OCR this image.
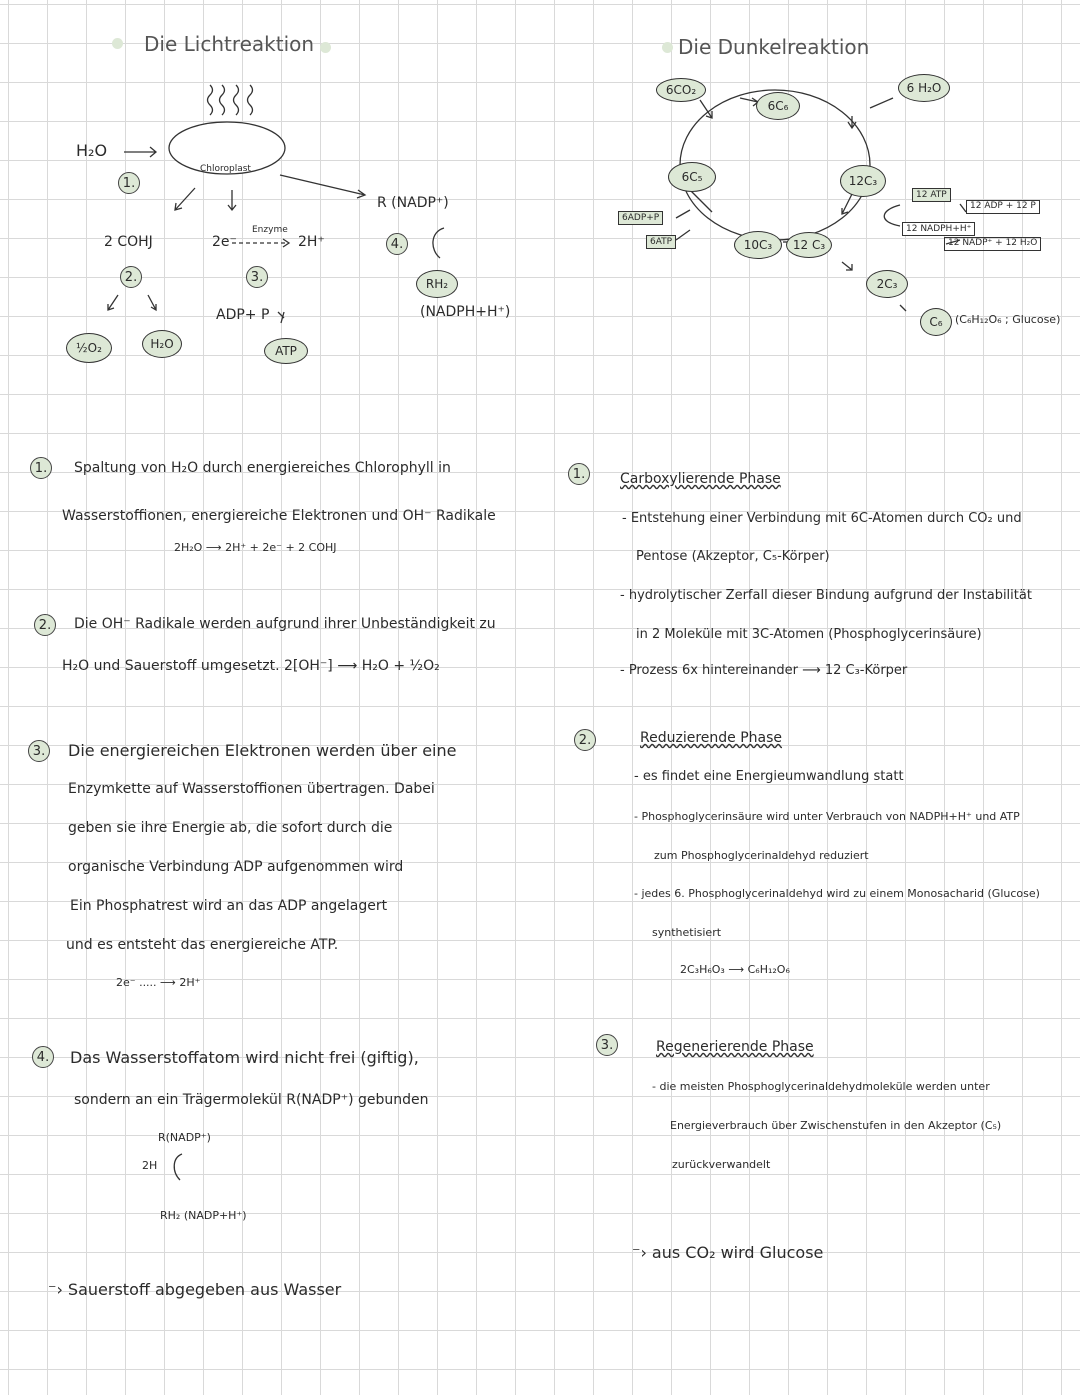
Die Lichtreaktion
H₂O
Chloroplast
1.
2 COHJ	2e⁻
Enzyme
2H⁺
R (NADP⁺)
4.
2.	3.	RH₂
(NADPH+H⁺)
ADP+ P
½O₂	H₂O	ATP
Die Dunkelreaktion
6CO₂
6C₆
6 H₂O
6C₅	12C₃
12 ATP
12 ADP + 12 P
12 NADPH+H⁺
12 NADP⁺ + 12 H₂O
6ADP+P
6ATP	10C₃	12 C₃
2C₃
C₆	(C₆H₁₂O₆ ; Glucose)
1. Spaltung von H₂O durch energiereiches Chlorophyll in
Wasserstoffionen, energiereiche Elektronen und OH⁻ Radikale
2H₂O ⟶ 2H⁺ + 2e⁻ + 2 COHJ
2. Die OH⁻ Radikale werden aufgrund ihrer Unbeständigkeit zu
H₂O und Sauerstoff umgesetzt. 2[OH⁻] ⟶ H₂O + ½O₂
3. Die energiereichen Elektronen werden über eine
Enzymkette auf Wasserstoffionen übertragen. Dabei
geben sie ihre Energie ab, die sofort durch die
organische Verbindung ADP aufgenommen wird
Ein Phosphatrest wird an das ADP angelagert
und es entsteht das energiereiche ATP.
2e⁻ ..... ⟶ 2H⁺
4. Das Wasserstoffatom wird nicht frei (giftig),
sondern an ein Trägermolekül R(NADP⁺) gebunden
R(NADP⁺)
2H
RH₂ (NADP+H⁺)
⁻› Sauerstoff abgegeben aus Wasser
1. Carboxylierende Phase
- Entstehung einer Verbindung mit 6C-Atomen durch CO₂ und
Pentose (Akzeptor, C₅-Körper)
- hydrolytischer Zerfall dieser Bindung aufgrund der Instabilität
in 2 Moleküle mit 3C-Atomen (Phosphoglycerinsäure)
- Prozess 6x hintereinander ⟶ 12 C₃-Körper
2.	Reduzierende Phase
- es findet eine Energieumwandlung statt
- Phosphoglycerinsäure wird unter Verbrauch von NADPH+H⁺ und ATP
zum Phosphoglycerinaldehyd reduziert
- jedes 6. Phosphoglycerinaldehyd wird zu einem Monosacharid (Glucose)
synthetisiert
2C₃H₆O₃ ⟶ C₆H₁₂O₆
3.	Regenerierende Phase
- die meisten Phosphoglycerinaldehydmoleküle werden unter
Energieverbrauch über Zwischenstufen in den Akzeptor (C₅)
zurückverwandelt
⁻› aus CO₂ wird Glucose
